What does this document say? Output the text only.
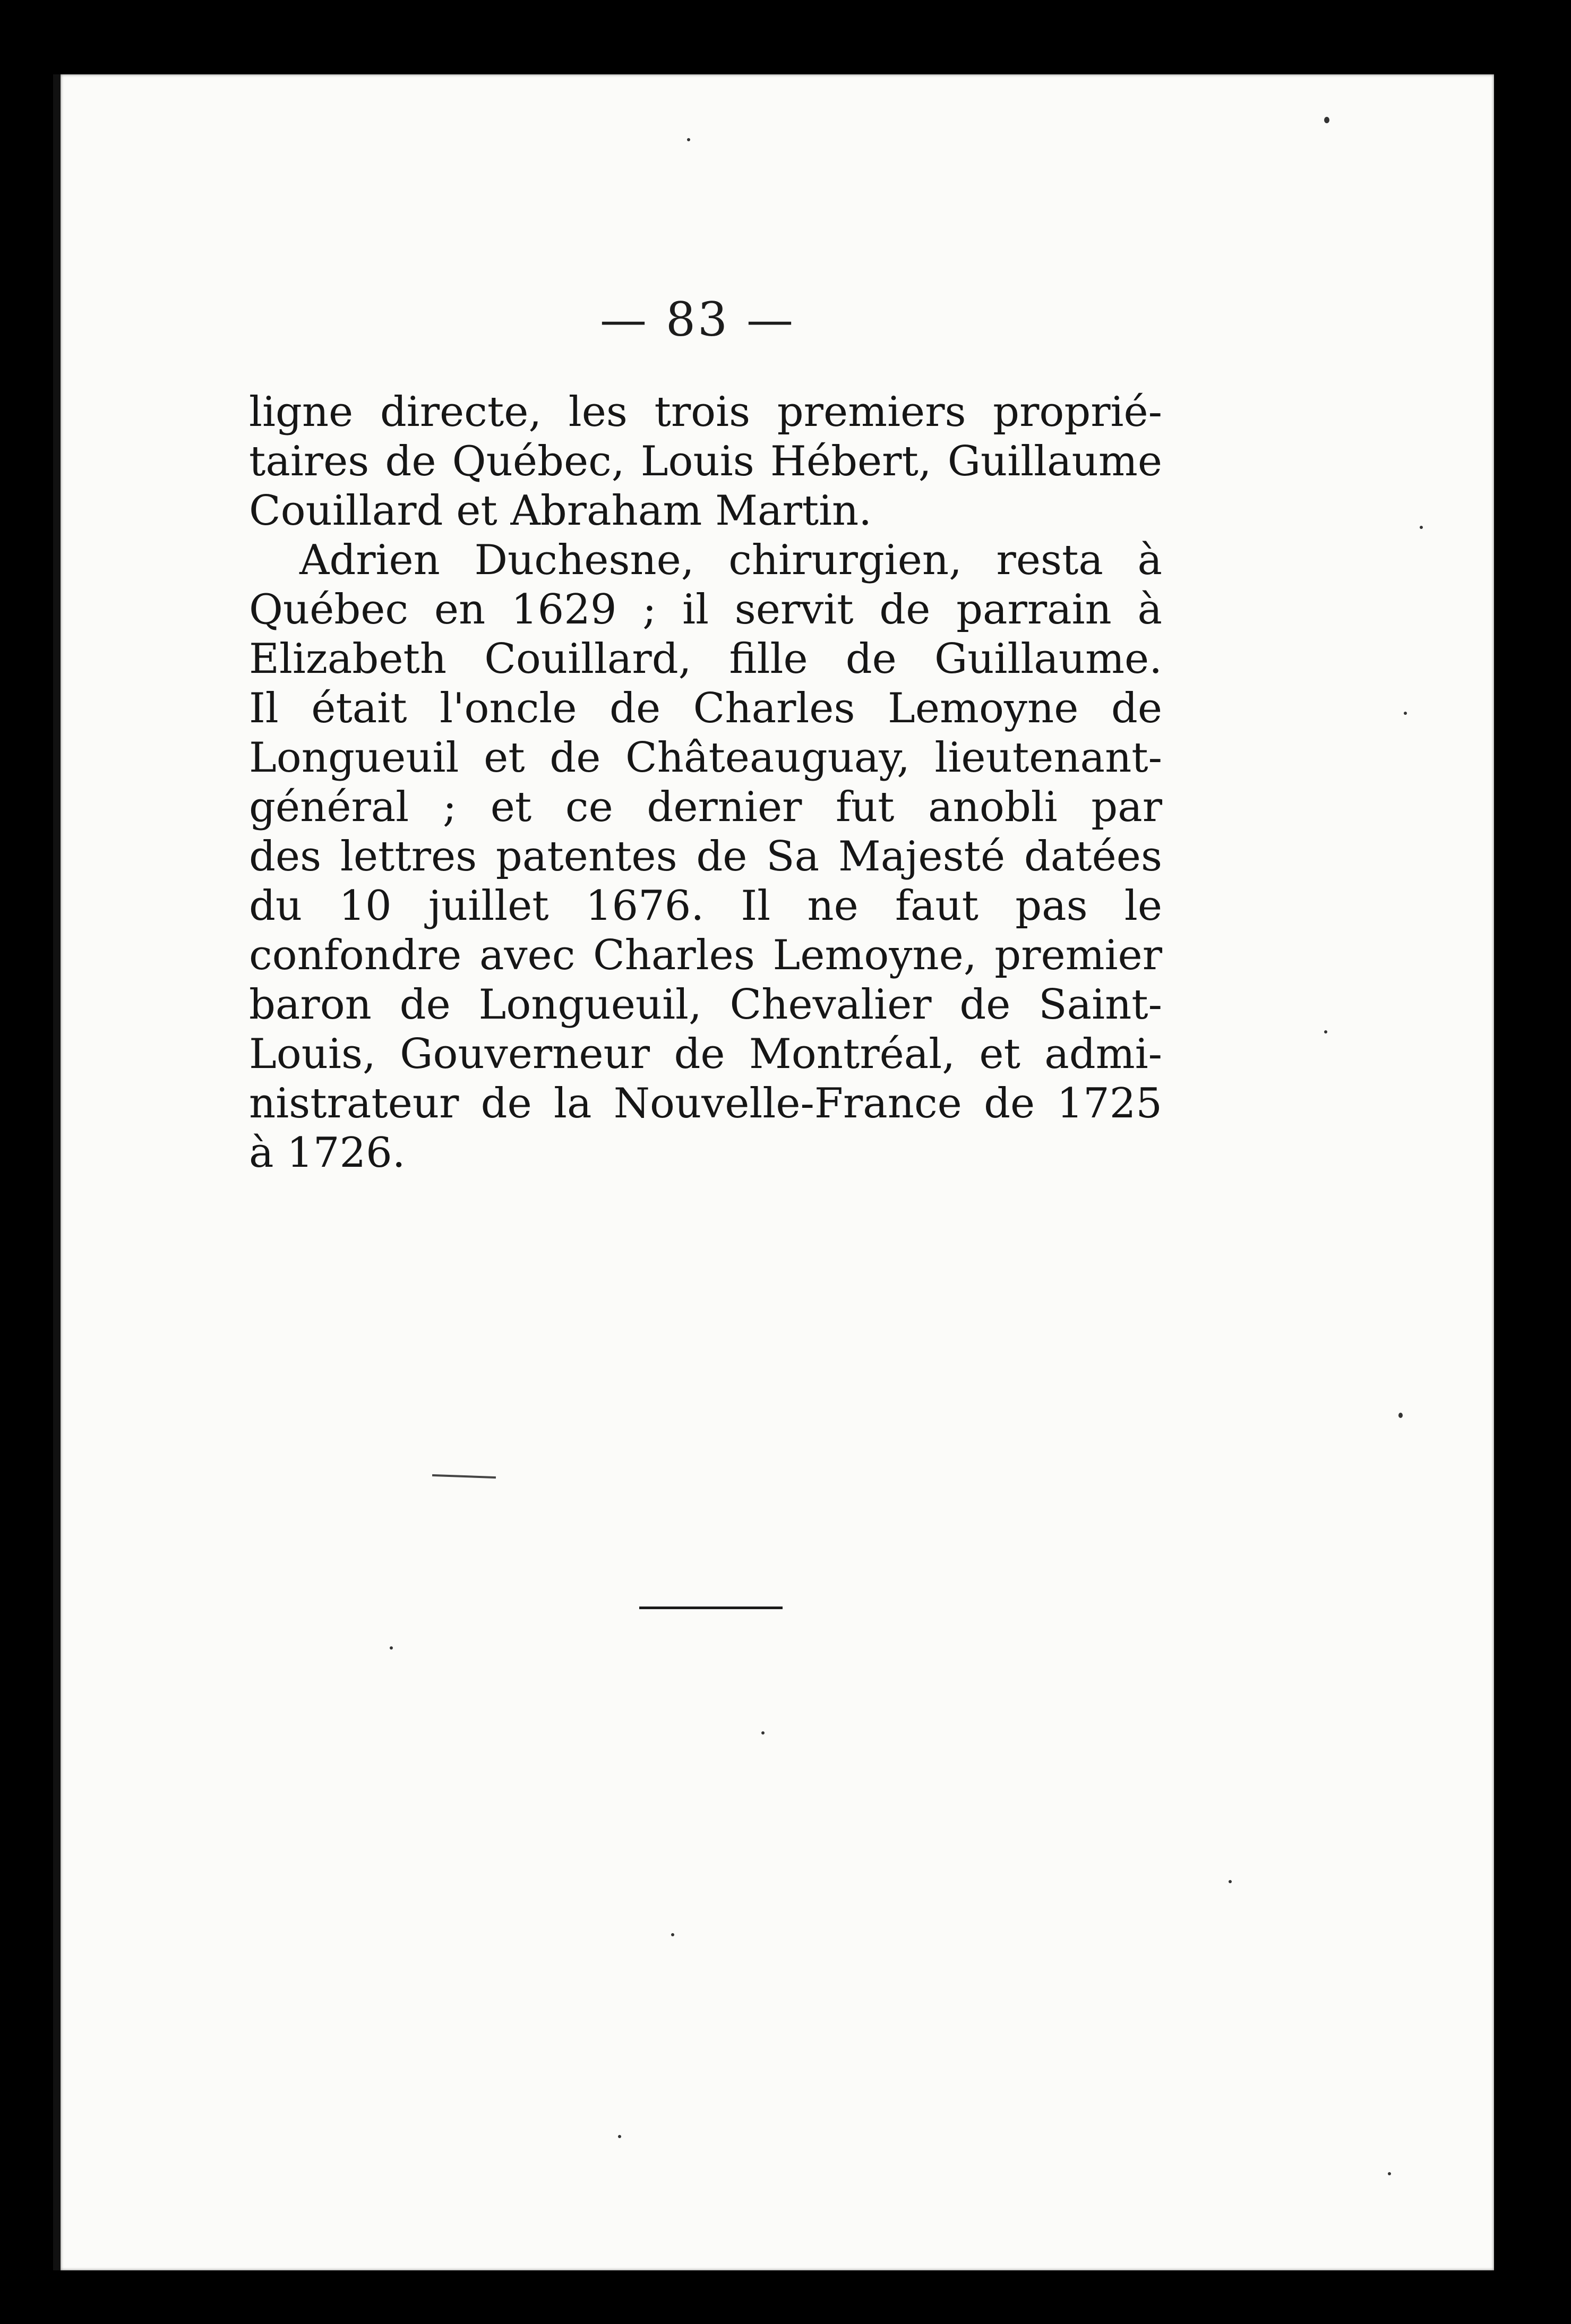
— 83 —
ligne directe, les trois premiers proprié-
taires de Québec, Louis Hébert, Guillaume
Couillard et Abraham Martin.
Adrien Duchesne, chirurgien, resta à
Québec en 1629 ; il servit de parrain à
Elizabeth Couillard, fille de Guillaume.
Il était l'oncle de Charles Lemoyne de
Longueuil et de Châteauguay, lieutenant-
général ; et ce dernier fut anobli par
des lettres patentes de Sa Majesté datées
du 10 juillet 1676. Il ne faut pas le
confondre avec Charles Lemoyne, premier
baron de Longueuil, Chevalier de Saint-
Louis, Gouverneur de Montréal, et admi-
nistrateur de la Nouvelle-France de 1725
à 1726.
